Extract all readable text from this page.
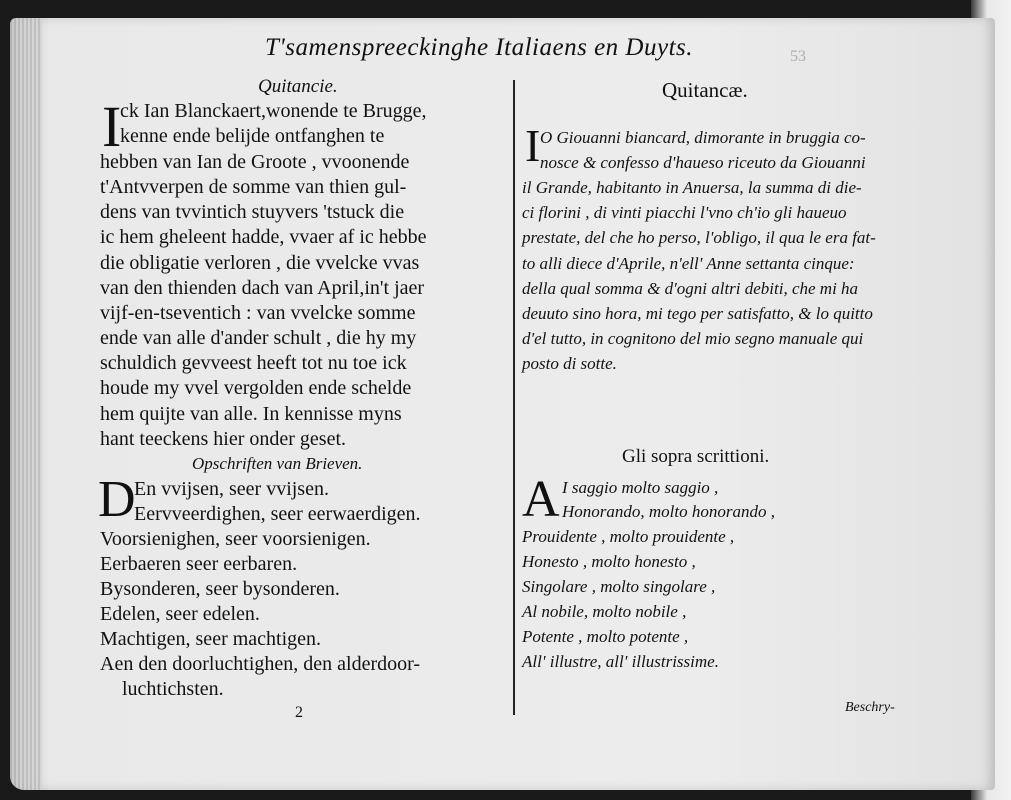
T'samenspreeckinghe Italiaens en Duyts.	53
Quitancie.
I
ck Ian Blanckaert,wonende te Brugge,
kenne ende belijde ontfanghen te
hebben van Ian de Groote , vvoonende
t'Antvverpen de somme van thien gul-
dens van tvvintich stuyvers 'tstuck die
ic hem gheleent hadde, vvaer af ic hebbe
die obligatie verloren , die vvelcke vvas
van den thienden dach van April,in't jaer
vijf-en-tseventich : van vvelcke somme
ende van alle d'ander schult , die hy my
schuldich gevveest heeft tot nu toe ick
houde my vvel vergolden ende schelde
hem quijte van alle. In kennisse myns
hant teeckens hier onder geset.
Opschriften van Brieven.
D
En vvijsen, seer vvijsen.
Eervveerdighen, seer eerwaerdigen.
Voorsienighen, seer voorsienigen.
Eerbaeren seer eerbaren.
Bysonderen, seer bysonderen.
Edelen, seer edelen.
Machtigen, seer machtigen.
Aen den doorluchtighen, den alderdoor-
luchtichsten.
2
Quitancæ.
I O Giouanni biancard, dimorante in bruggia co-
nosce & confesso d'haueso riceuto da Giouanni
il Grande, habitanto in Anuersa, la summa di die-
ci florini , di vinti piacchi l'vno ch'io gli haueuo
prestate, del che ho perso, l'obligo, il qua le era fat-
to alli diece d'Aprile, n'ell' Anne settanta cinque:
della qual somma & d'ogni altri debiti, che mi ha
deuuto sino hora, mi tego per satisfatto, & lo quitto
d'el tutto, in cognitono del mio segno manuale qui
posto di sotte.
Gli sopra scrittioni.
A I saggio molto saggio ,
Honorando, molto honorando ,
Prouidente , molto prouidente ,
Honesto , molto honesto ,
Singolare , molto singolare ,
Al nobile, molto nobile ,
Potente , molto potente ,
All' illustre, all' illustrissime.
Beschry-
